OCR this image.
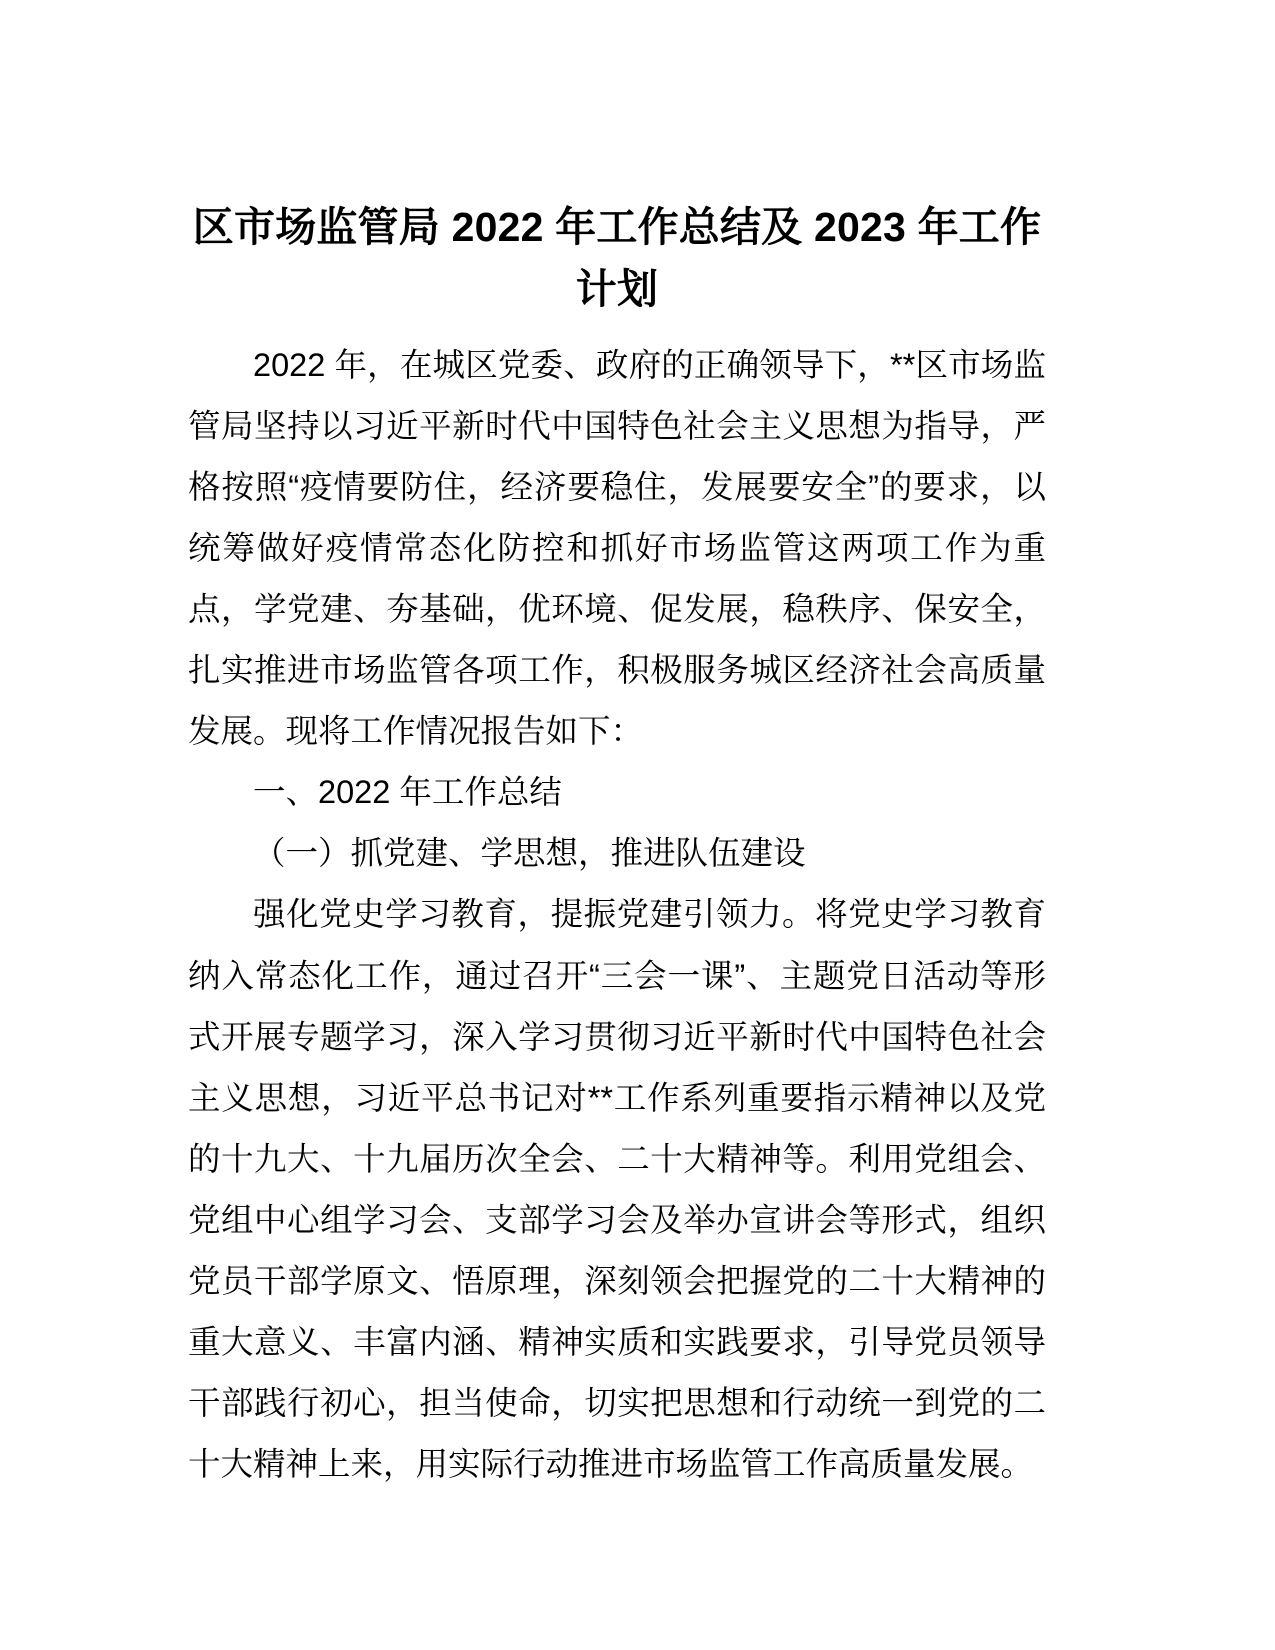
区市场监管局 2022 年工作总结及 2023 年工作 计划

2022 年，在城区党委、政府的正确领导下，**区市场监管局坚持以习近平新时代中国特色社会主义思想为指导，严格按照“疫情要防住，经济要稳住，发展要安全”的要求，以统筹做好疫情常态化防控和抓好市场监管这两项工作为重点，学党建、夯基础，优环境、促发展，稳秩序、保安全，扎实推进市场监管各项工作，积极服务城区经济社会高质量发展。现将工作情况报告如下：

一、2022 年工作总结

（一）抓党建、学思想，推进队伍建设

强化党史学习教育，提振党建引领力。将党史学习教育纳入常态化工作，通过召开“三会一课”、主题党日活动等形式开展专题学习，深入学习贯彻习近平新时代中国特色社会主义思想，习近平总书记对**工作系列重要指示精神以及党的十九大、十九届历次全会、二十大精神等。利用党组会、党组中心组学习会、支部学习会及举办宣讲会等形式，组织党员干部学原文、悟原理，深刻领会把握党的二十大精神的重大意义、丰富内涵、精神实质和实践要求，引导党员领导干部践行初心，担当使命，切实把思想和行动统一到党的二十大精神上来，用实际行动推进市场监管工作高质量发展。
